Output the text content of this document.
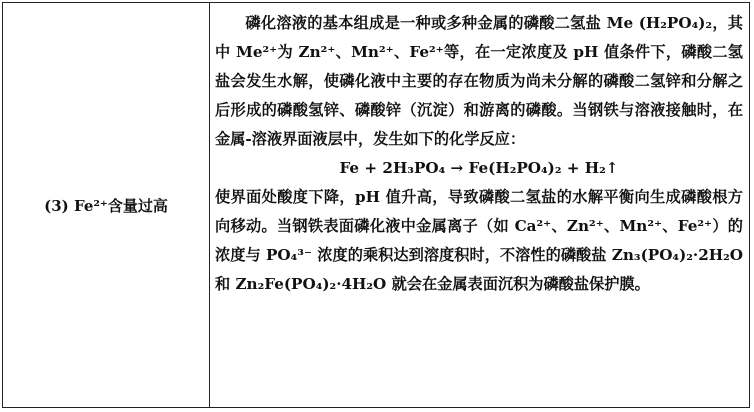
(3) Fe²⁺含量过高
磷化溶液的基本组成是一种或多种金属的磷酸二氢盐 Me (H₂PO₄)₂，其中 Me²⁺为 Zn²⁺、Mn²⁺、Fe²⁺等，在一定浓度及 pH 值条件下，磷酸二氢盐会发生水解，使磷化液中主要的存在物质为尚未分解的磷酸二氢锌和分解之后形成的磷酸氢锌、磷酸锌（沉淀）和游离的磷酸。当钢铁与溶液接触时，在金属-溶液界面液层中，发生如下的化学反应：
Fe + 2H₃PO₄ → Fe(H₂PO₄)₂ + H₂↑
使界面处酸度下降，pH 值升高，导致磷酸二氢盐的水解平衡向生成磷酸根方向移动。当钢铁表面磷化液中金属离子（如 Ca²⁺、Zn²⁺、Mn²⁺、Fe²⁺）的浓度与 PO₄³⁻ 浓度的乘积达到溶度积时，不溶性的磷酸盐 Zn₃(PO₄)₂·2H₂O 和 Zn₂Fe(PO₄)₂·4H₂O 就会在金属表面沉积为磷酸盐保护膜。
